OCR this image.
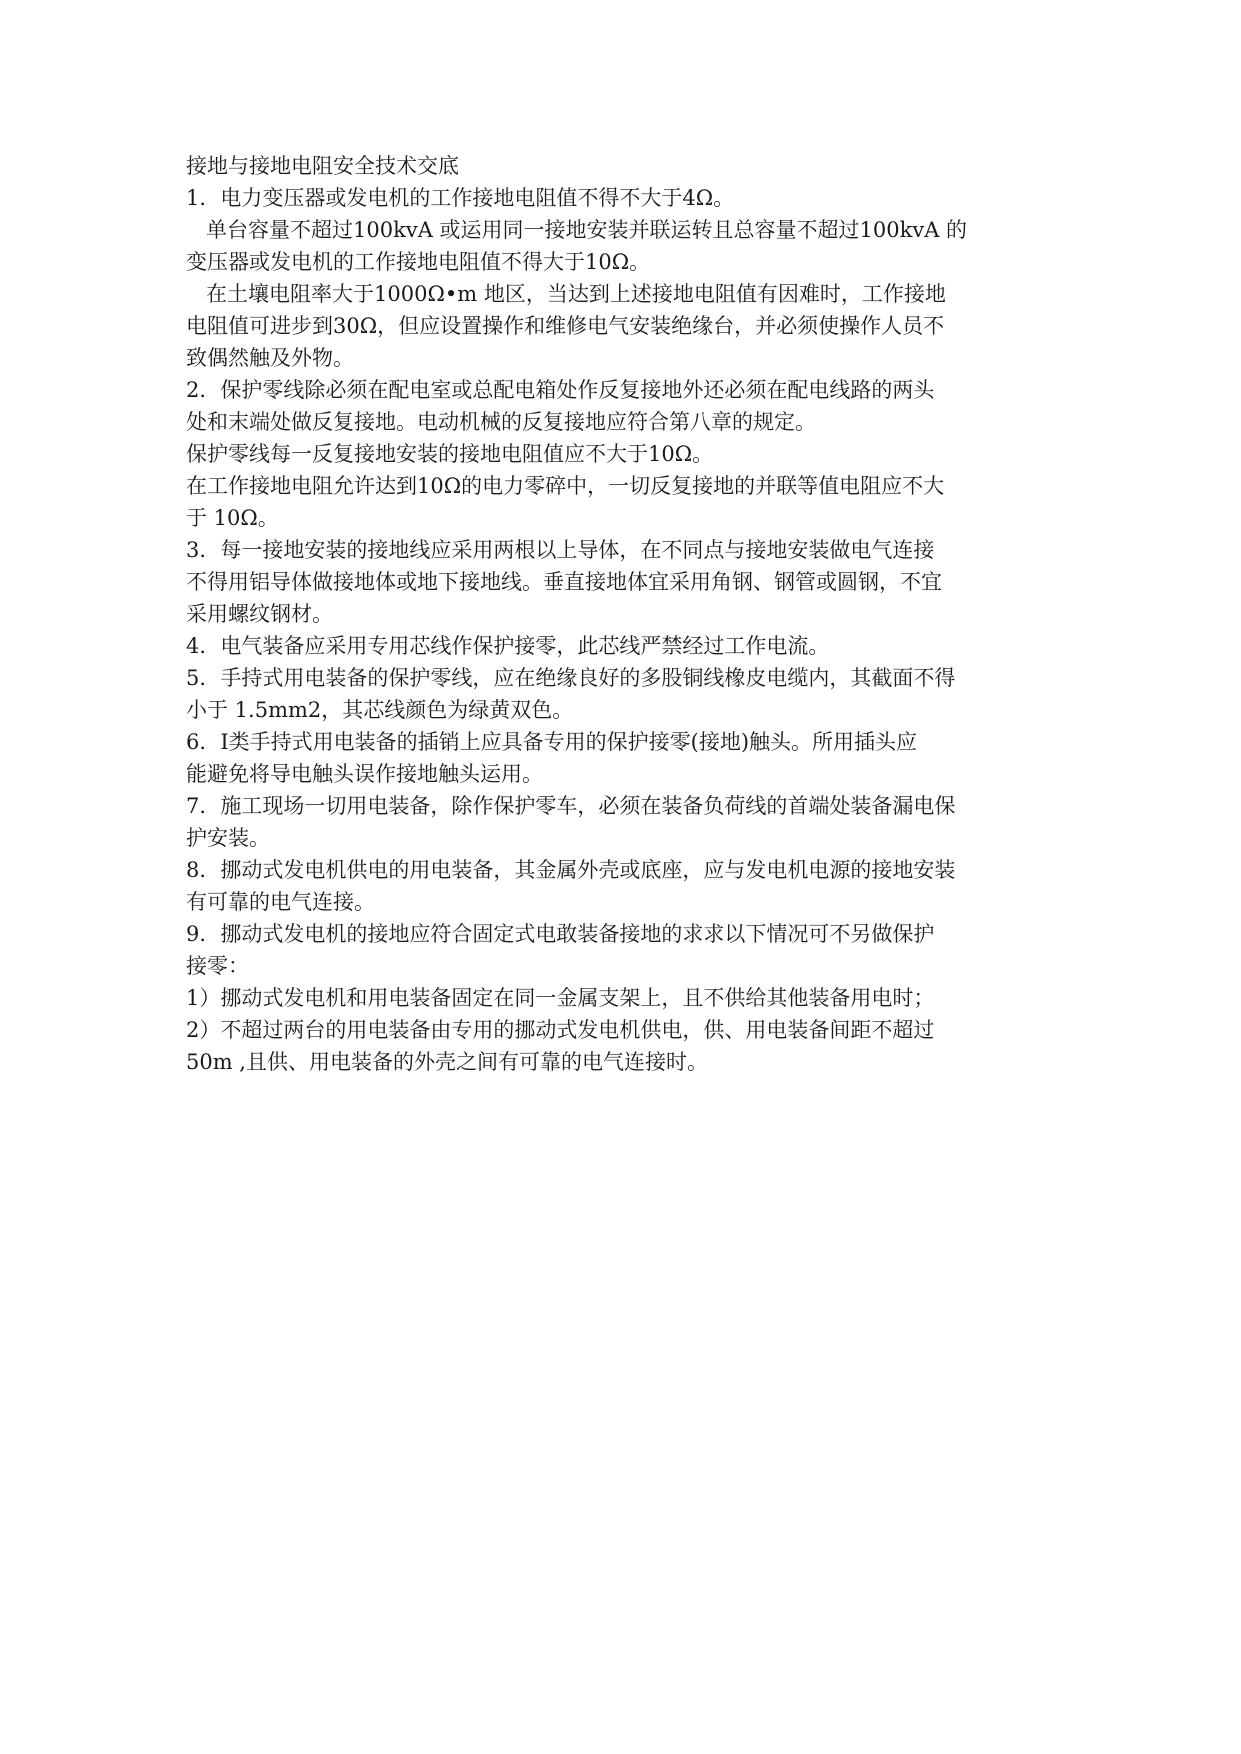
接地与接地电阻安全技术交底
1．电力变压器或发电机的工作接地电阻值不得不大于4Ω。
单台容量不超过100kvA 或运用同一接地安装并联运转且总容量不超过100kvA 的
变压器或发电机的工作接地电阻值不得大于10Ω。
在土壤电阻率大于1000Ω•m 地区，当达到上述接地电阻值有因难时，工作接地
电阻值可进步到30Ω，但应设置操作和维修电气安装绝缘台，并必须使操作人员不
致偶然触及外物。
2．保护零线除必须在配电室或总配电箱处作反复接地外还必须在配电线路的两头
处和末端处做反复接地。电动机械的反复接地应符合第八章的规定。
保护零线每一反复接地安装的接地电阻值应不大于10Ω。
在工作接地电阻允许达到10Ω的电力零碎中，一切反复接地的并联等值电阻应不大
于 10Ω。
3．每一接地安装的接地线应采用两根以上导体，在不同点与接地安装做电气连接
不得用铝导体做接地体或地下接地线。垂直接地体宜采用角钢、钢管或圆钢，不宜
采用螺纹钢材。
4．电气装备应采用专用芯线作保护接零，此芯线严禁经过工作电流。
5．手持式用电装备的保护零线，应在绝缘良好的多股铜线橡皮电缆内，其截面不得
小于 1.5mm2，其芯线颜色为绿黄双色。
6．Ⅰ类手持式用电装备的插销上应具备专用的保护接零(接地)触头。所用插头应
能避免将导电触头误作接地触头运用。
7．施工现场一切用电装备，除作保护零车，必须在装备负荷线的首端处装备漏电保
护安装。
8．挪动式发电机供电的用电装备，其金属外壳或底座，应与发电机电源的接地安装
有可靠的电气连接。
9．挪动式发电机的接地应符合固定式电敢装备接地的求求以下情况可不另做保护
接零：
1）挪动式发电机和用电装备固定在同一金属支架上，且不供给其他装备用电时；
2）不超过两台的用电装备由专用的挪动式发电机供电，供、用电装备间距不超过
50m ,且供、用电装备的外壳之间有可靠的电气连接时。
